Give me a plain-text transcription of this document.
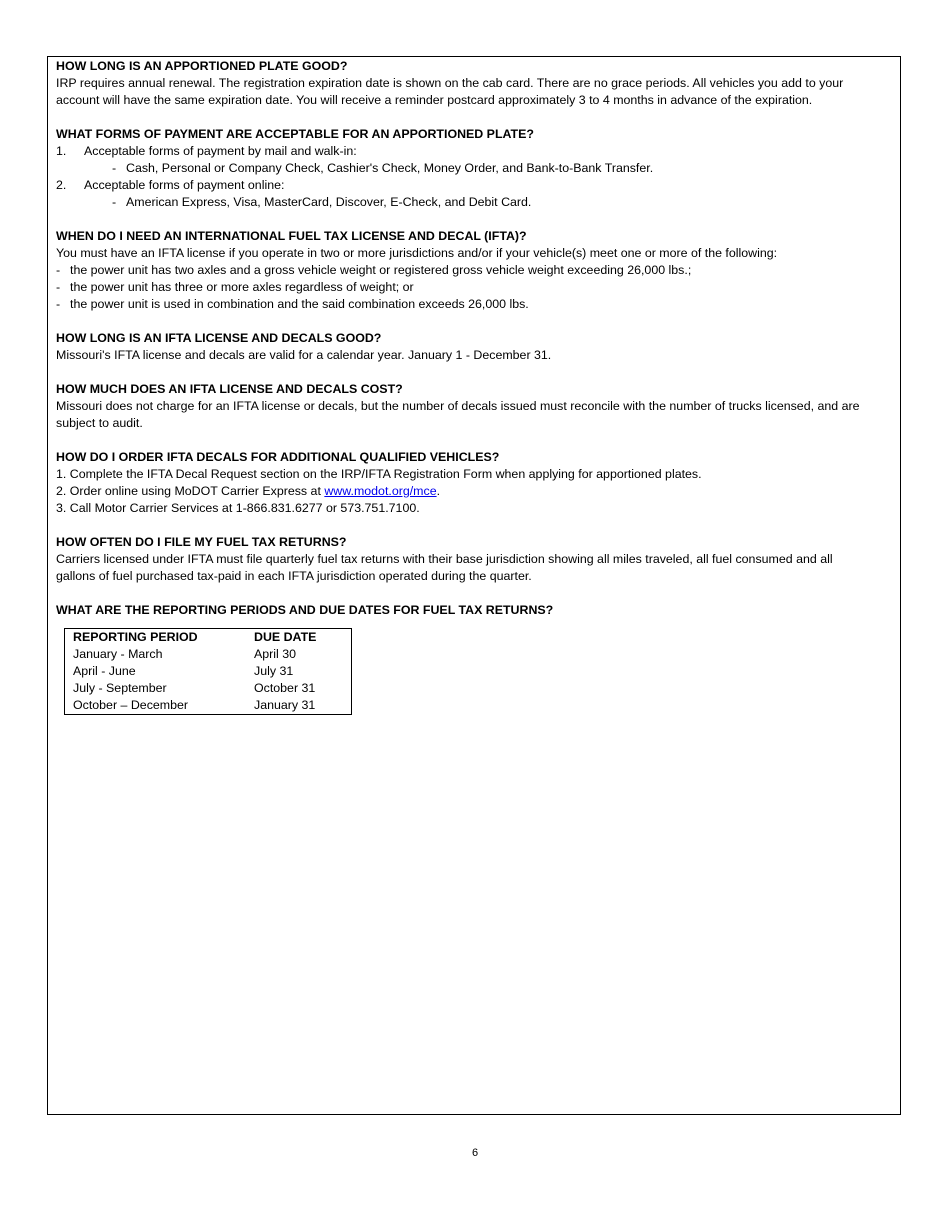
HOW LONG IS AN APPORTIONED PLATE GOOD?
IRP requires annual renewal. The registration expiration date is shown on the cab card. There are no grace periods. All vehicles you add to your
account will have the same expiration date. You will receive a reminder postcard approximately 3 to 4 months in advance of the expiration.
WHAT FORMS OF PAYMENT ARE ACCEPTABLE FOR AN APPORTIONED PLATE?
1.	Acceptable forms of payment by mail and walk-in:
- Cash, Personal or Company Check, Cashier's Check, Money Order, and Bank-to-Bank Transfer.
2.	Acceptable forms of payment online:
- American Express, Visa, MasterCard, Discover, E-Check, and Debit Card.
WHEN DO I NEED AN INTERNATIONAL FUEL TAX LICENSE AND DECAL (IFTA)?
You must have an IFTA license if you operate in two or more jurisdictions and/or if your vehicle(s) meet one or more of the following:
- the power unit has two axles and a gross vehicle weight or registered gross vehicle weight exceeding 26,000 lbs.;
- the power unit has three or more axles regardless of weight; or
- the power unit is used in combination and the said combination exceeds 26,000 lbs.
HOW LONG IS AN IFTA LICENSE AND DECALS GOOD?
Missouri's IFTA license and decals are valid for a calendar year. January 1 - December 31.
HOW MUCH DOES AN IFTA LICENSE AND DECALS COST?
Missouri does not charge for an IFTA license or decals, but the number of decals issued must reconcile with the number of trucks licensed, and are
subject to audit.
HOW DO I ORDER IFTA DECALS FOR ADDITIONAL QUALIFIED VEHICLES?
1. Complete the IFTA Decal Request section on the IRP/IFTA Registration Form when applying for apportioned plates.
2. Order online using MoDOT Carrier Express at www.modot.org/mce.
3. Call Motor Carrier Services at 1-866.831.6277 or 573.751.7100.
HOW OFTEN DO I FILE MY FUEL TAX RETURNS?
Carriers licensed under IFTA must file quarterly fuel tax returns with their base jurisdiction showing all miles traveled, all fuel consumed and all
gallons of fuel purchased tax-paid in each IFTA jurisdiction operated during the quarter.
WHAT ARE THE REPORTING PERIODS AND DUE DATES FOR FUEL TAX RETURNS?
REPORTING PERIOD	DUE DATE
January - March	April 30
April - June	July 31
July - September	October 31
October – December	January 31
6
